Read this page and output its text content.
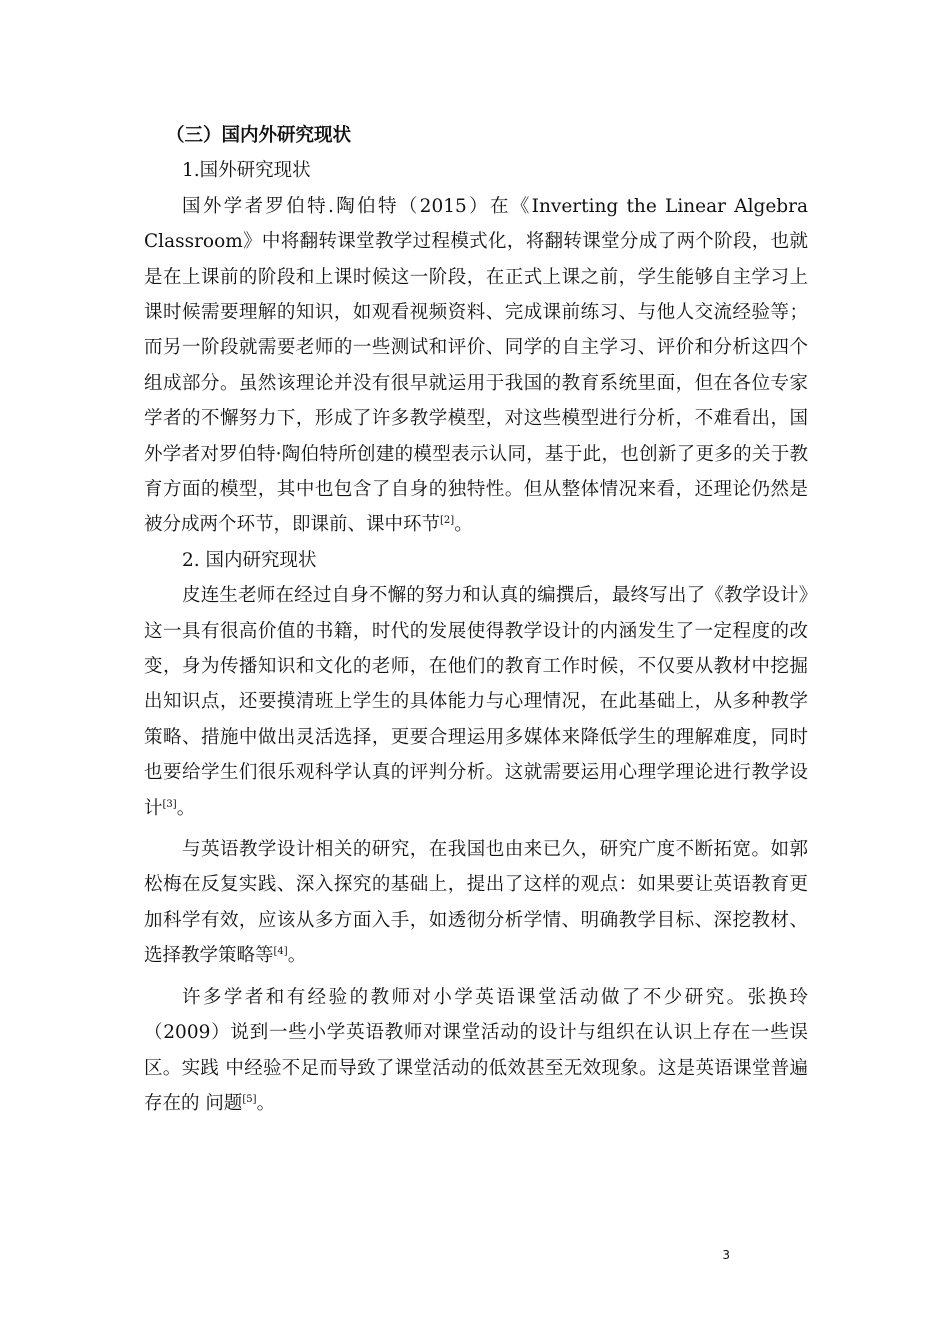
（三）国内外研究现状

1.国外研究现状

国外学者罗伯特.陶伯特（2015）在《Inverting the Linear Algebra Classroom》中将翻转课堂教学过程模式化，将翻转课堂分成了两个阶段，也就是在上课前的阶段和上课时候这一阶段，在正式上课之前，学生能够自主学习上课时候需要理解的知识，如观看视频资料、完成课前练习、与他人交流经验等；而另一阶段就需要老师的一些测试和评价、同学的自主学习、评价和分析这四个组成部分。虽然该理论并没有很早就运用于我国的教育系统里面，但在各位专家学者的不懈努力下，形成了许多教学模型，对这些模型进行分析，不难看出，国外学者对罗伯特·陶伯特所创建的模型表示认同，基于此，也创新了更多的关于教育方面的模型，其中也包含了自身的独特性。但从整体情况来看，还理论仍然是被分成两个环节，即课前、课中环节[2]。

2. 国内研究现状

皮连生老师在经过自身不懈的努力和认真的编撰后，最终写出了《教学设计》这一具有很高价值的书籍，时代的发展使得教学设计的内涵发生了一定程度的改变，身为传播知识和文化的老师，在他们的教育工作时候，不仅要从教材中挖掘出知识点，还要摸清班上学生的具体能力与心理情况，在此基础上，从多种教学策略、措施中做出灵活选择，更要合理运用多媒体来降低学生的理解难度，同时也要给学生们很乐观科学认真的评判分析。这就需要运用心理学理论进行教学设计[3]。

与英语教学设计相关的研究，在我国也由来已久，研究广度不断拓宽。如郭松梅在反复实践、深入探究的基础上，提出了这样的观点：如果要让英语教育更加科学有效，应该从多方面入手，如透彻分析学情、明确教学目标、深挖教材、选择教学策略等[4]。

许多学者和有经验的教师对小学英语课堂活动做了不少研究。张换玲（2009）说到一些小学英语教师对课堂活动的设计与组织在认识上存在一些误区。实践 中经验不足而导致了课堂活动的低效甚至无效现象。这是英语课堂普遍存在的 问题[5]。

3
